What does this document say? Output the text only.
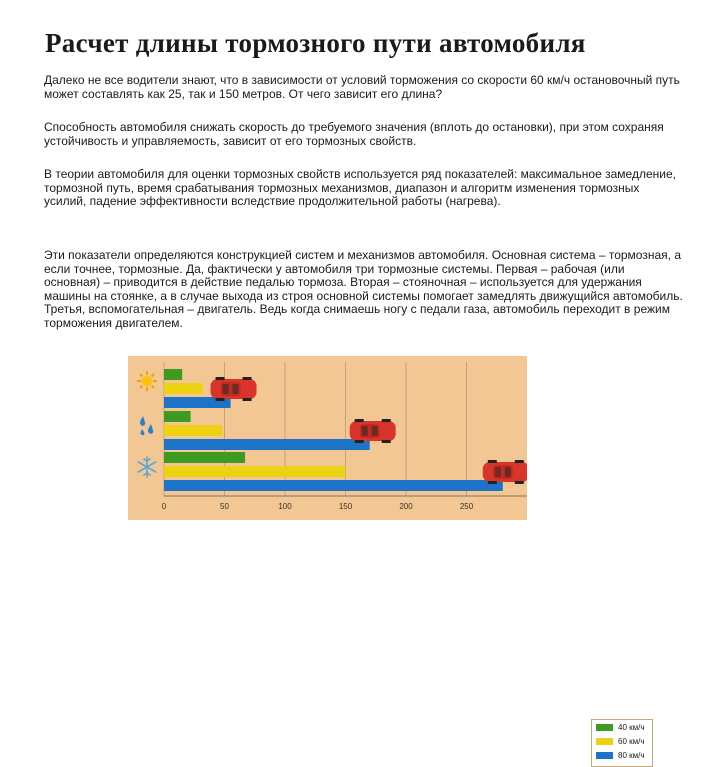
Расчет длины тормозного пути автомобиля

Далеко не все водители знают, что в зависимости от условий торможения со скорости 60 км/ч остановочный путь может составлять как 25, так и 150 метров. От чего зависит его длина?

Способность автомобиля снижать скорость до требуемого значения (вплоть до остановки), при этом сохраняя устойчивость и управляемость, зависит от его тормозных свойств.

В теории автомобиля для оценки тормозных свойств используется ряд показателей: максимальное замедление, тормозной путь, время срабатывания тормозных механизмов, диапазон и алгоритм изменения тормозных усилий, падение эффективности вследствие продолжительной работы (нагрева).

Эти показатели определяются конструкцией систем и механизмов автомобиля. Основная система – тормозная, а если точнее, тормозные. Да, фактически у автомобиля три тормозные системы. Первая – рабочая (или основная) – приводится в действие педалью тормоза. Вторая – стояночная – используется для удержания машины на стоянке, а в случае выхода из строя основной системы помогает замедлять движущийся автомобиль. Третья, вспомогательная – двигатель. Ведь когда снимаешь ногу с педали газа, автомобиль переходит в режим торможения двигателем.

0	50	100	150	200	250
40 км/ч
60 км/ч
80 км/ч
